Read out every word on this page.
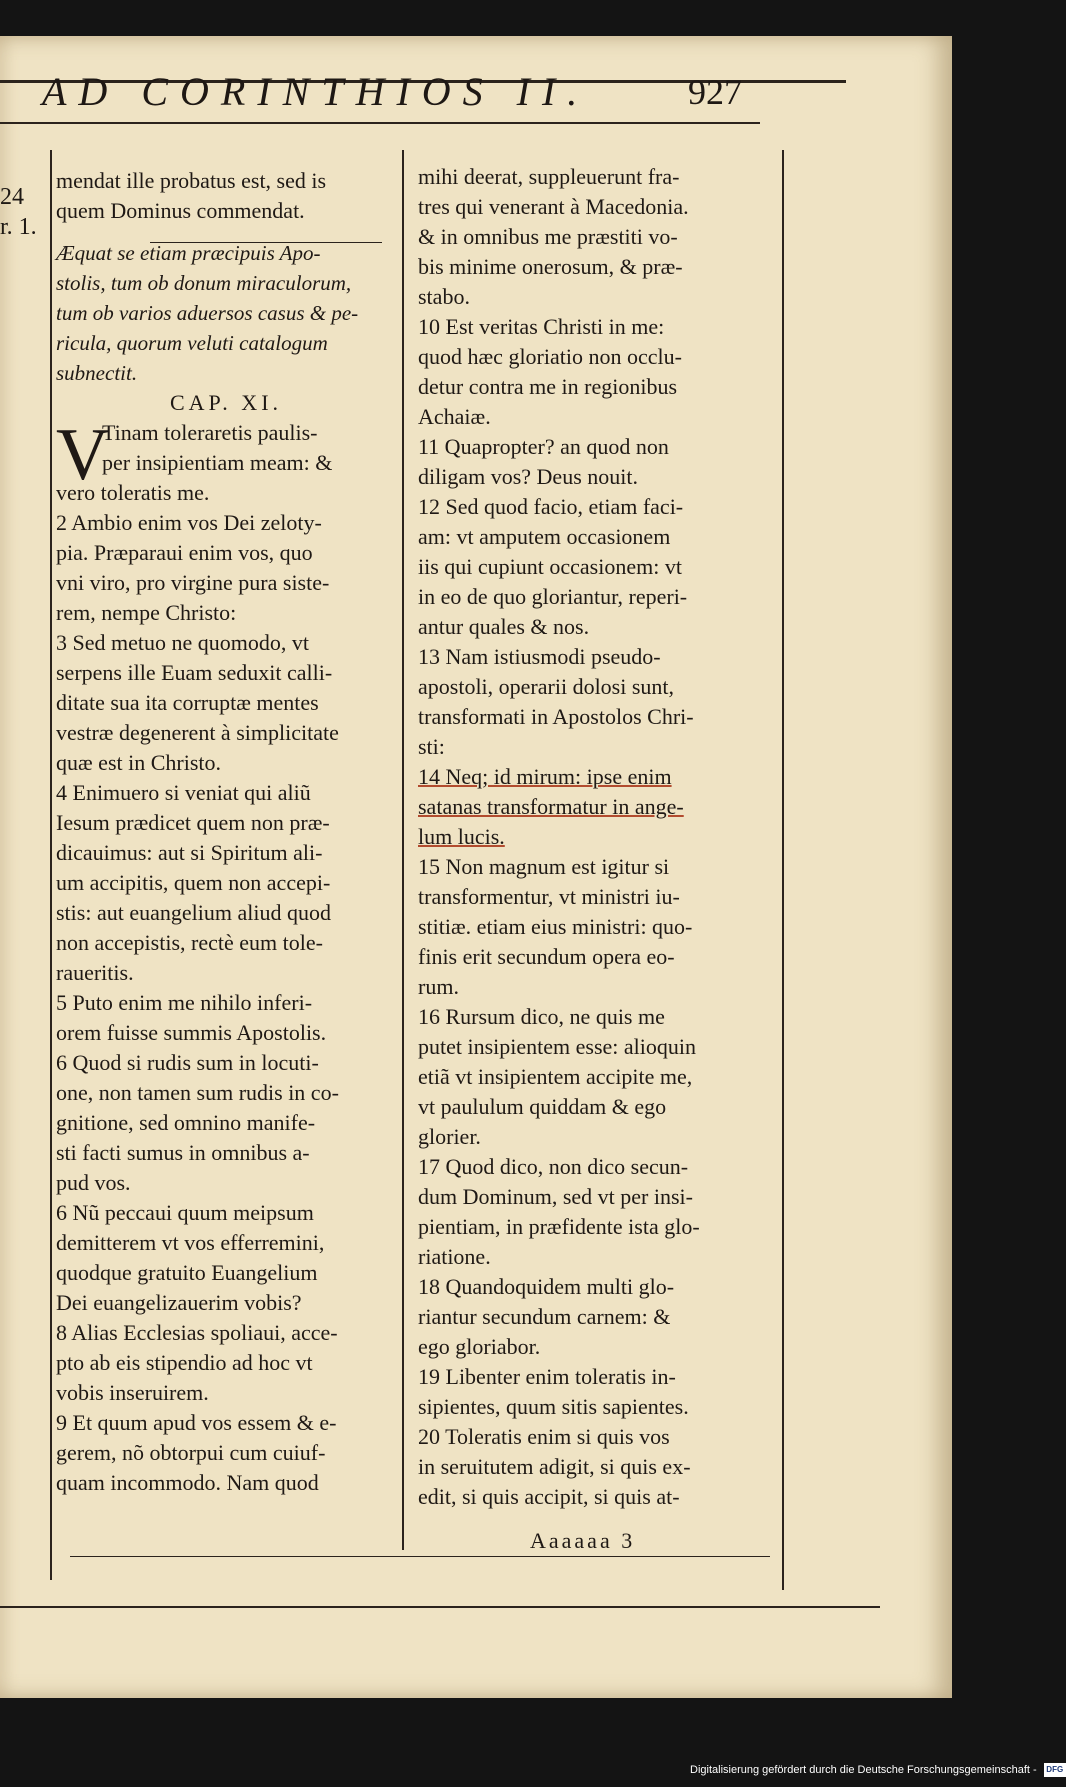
AD CORINTHIOS II.	927
24
r. 1.
mendat ille probatus est, sed is
quem Dominus commendat.
Æquat se etiam præcipuis Apo-
stolis, tum ob donum miraculorum,
tum ob varios aduersos casus & pe-
ricula, quorum veluti catalogum
subnectit.
CAP. XI.
V
Tinam toleraretis paulis-
per insipientiam meam: &
vero toleratis me.
2 Ambio enim vos Dei zeloty-
pia. Præparaui enim vos, quo
vni viro, pro virgine pura siste-
rem, nempe Christo:
3 Sed metuo ne quomodo, vt
serpens ille Euam seduxit calli-
ditate sua ita corruptæ mentes
vestræ degenerent à simplicitate
quæ est in Christo.
4 Enimuero si veniat qui aliũ
Iesum prædicet quem non præ-
dicauimus: aut si Spiritum ali-
um accipitis, quem non accepi-
stis: aut euangelium aliud quod
non accepistis, rectè eum tole-
raueritis.
5 Puto enim me nihilo inferi-
orem fuisse summis Apostolis.
6 Quod si rudis sum in locuti-
one, non tamen sum rudis in co-
gnitione, sed omnino manife-
sti facti sumus in omnibus a-
pud vos.
6 Nũ peccaui quum meipsum
demitterem vt vos efferremini,
quodque gratuito Euangelium
Dei euangelizauerim vobis?
8 Alias Ecclesias spoliaui, acce-
pto ab eis stipendio ad hoc vt
vobis inseruirem.
9 Et quum apud vos essem & e-
gerem, nõ obtorpui cum cuiuf-
quam incommodo. Nam quod
mihi deerat, suppleuerunt fra-
tres qui venerant à Macedonia.
& in omnibus me præstiti vo-
bis minime onerosum, & præ-
stabo.
10 Est veritas Christi in me:
quod hæc gloriatio non occlu-
detur contra me in regionibus
Achaiæ.
11 Quapropter? an quod non
diligam vos? Deus nouit.
12 Sed quod facio, etiam faci-
am: vt amputem occasionem
iis qui cupiunt occasionem: vt
in eo de quo gloriantur, reperi-
antur quales & nos.
13 Nam istiusmodi pseudo-
apostoli, operarii dolosi sunt,
transformati in Apostolos Chri-
sti:
14 Neq; id mirum: ipse enim
satanas transformatur in ange-
lum lucis.
15 Non magnum est igitur si
transformentur, vt ministri iu-
stitiæ. etiam eius ministri: quo-
finis erit secundum opera eo-
rum.
16 Rursum dico, ne quis me
putet insipientem esse: alioquin
etiã vt insipientem accipite me,
vt paululum quiddam & ego
glorier.
17 Quod dico, non dico secun-
dum Dominum, sed vt per insi-
pientiam, in præfidente ista glo-
riatione.
18 Quandoquidem multi glo-
riantur secundum carnem: &
ego gloriabor.
19 Libenter enim toleratis in-
sipientes, quum sitis sapientes.
20 Toleratis enim si quis vos
in seruitutem adigit, si quis ex-
edit, si quis accipit, si quis at-
Aaaaaa 3
Digitalisierung gefördert durch die Deutsche Forschungsgemeinschaft - DFG
